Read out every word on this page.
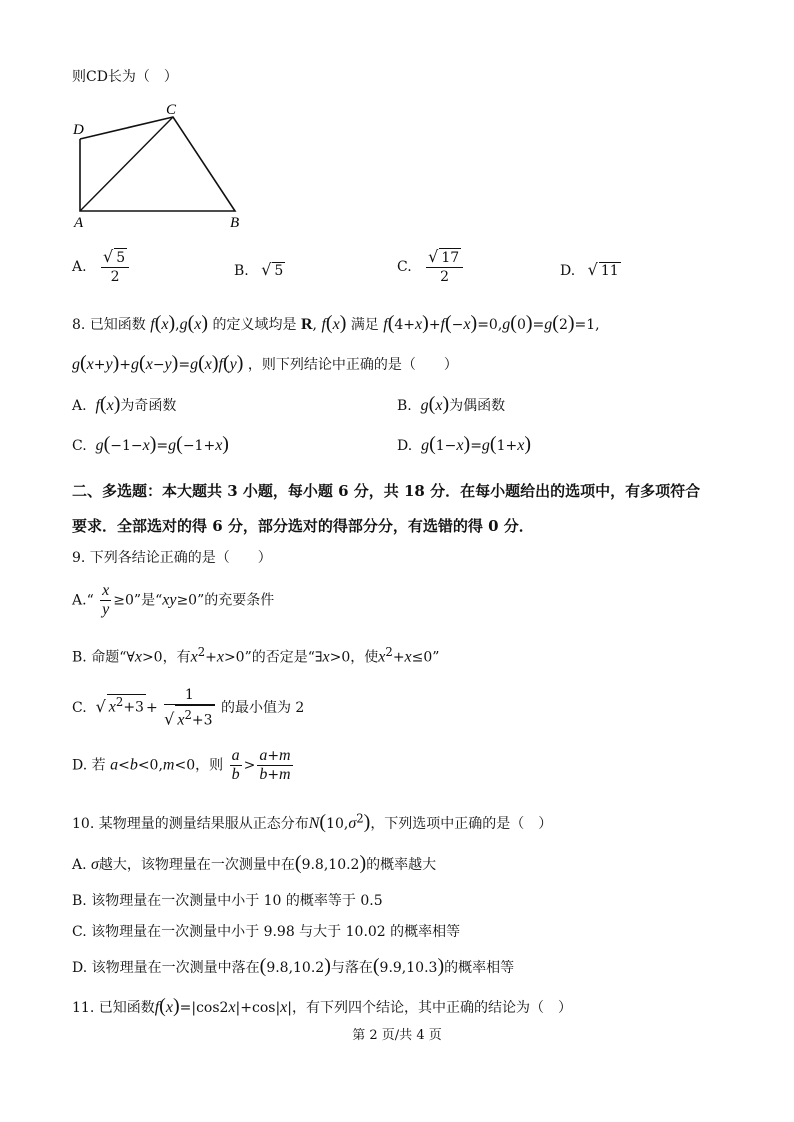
则CD长为（　）
C
D
A	B
A. $\frac{√ 5}{2}$	B. √ 5	C. $\frac{√ 17}{2}$	D. √ 11
8. 已知函数 f(x),g(x) 的定义域均是 R, f(x) 满足 f(4+x)+f(−x)=0,g(0)=g(2)=1,
g(x+y)+g(x−y)=g(x)f(y) ，则下列结论中正确的是（　　）
A. f(x)为奇函数	B. g(x)为偶函数
C. g(−1−x)=g(−1+x)	D. g(1−x)=g(1+x)
二、多选题：本大题共 3 小题，每小题 6 分，共 18 分．在每小题给出的选项中，有多项符合
要求．全部选对的得 6 分，部分选对的得部分分，有选错的得 0 分．
9. 下列各结论正确的是（　　）
A.“ $\frac{x}{y} \ge 0$”是“xy≥0”的充要条件
B. 命题“∀x>0，有$x^2+x>0$”的否定是“∃x>0，使$x^2+x\le 0$”
C. √ $x^2+3 + \frac{1}{√ x^2+3}$ 的最小值为 2
D. 若 a<b<0,m<0，则 $\frac{a}{b} > \frac{a+m}{b+m}$
10. 某物理量的测量结果服从正态分布$N(10,\sigma^2)$，下列选项中正确的是（　）
A. σ越大，该物理量在一次测量中在(9.8,10.2)的概率越大
B. 该物理量在一次测量中小于 10 的概率等于 0.5
C. 该物理量在一次测量中小于 9.98 与大于 10.02 的概率相等
D. 该物理量在一次测量中落在(9.8,10.2)与落在(9.9,10.3)的概率相等
11. 已知函数f(x)=|cos2x|+cos|x|，有下列四个结论，其中正确的结论为（　）
第 2 页/共 4 页
